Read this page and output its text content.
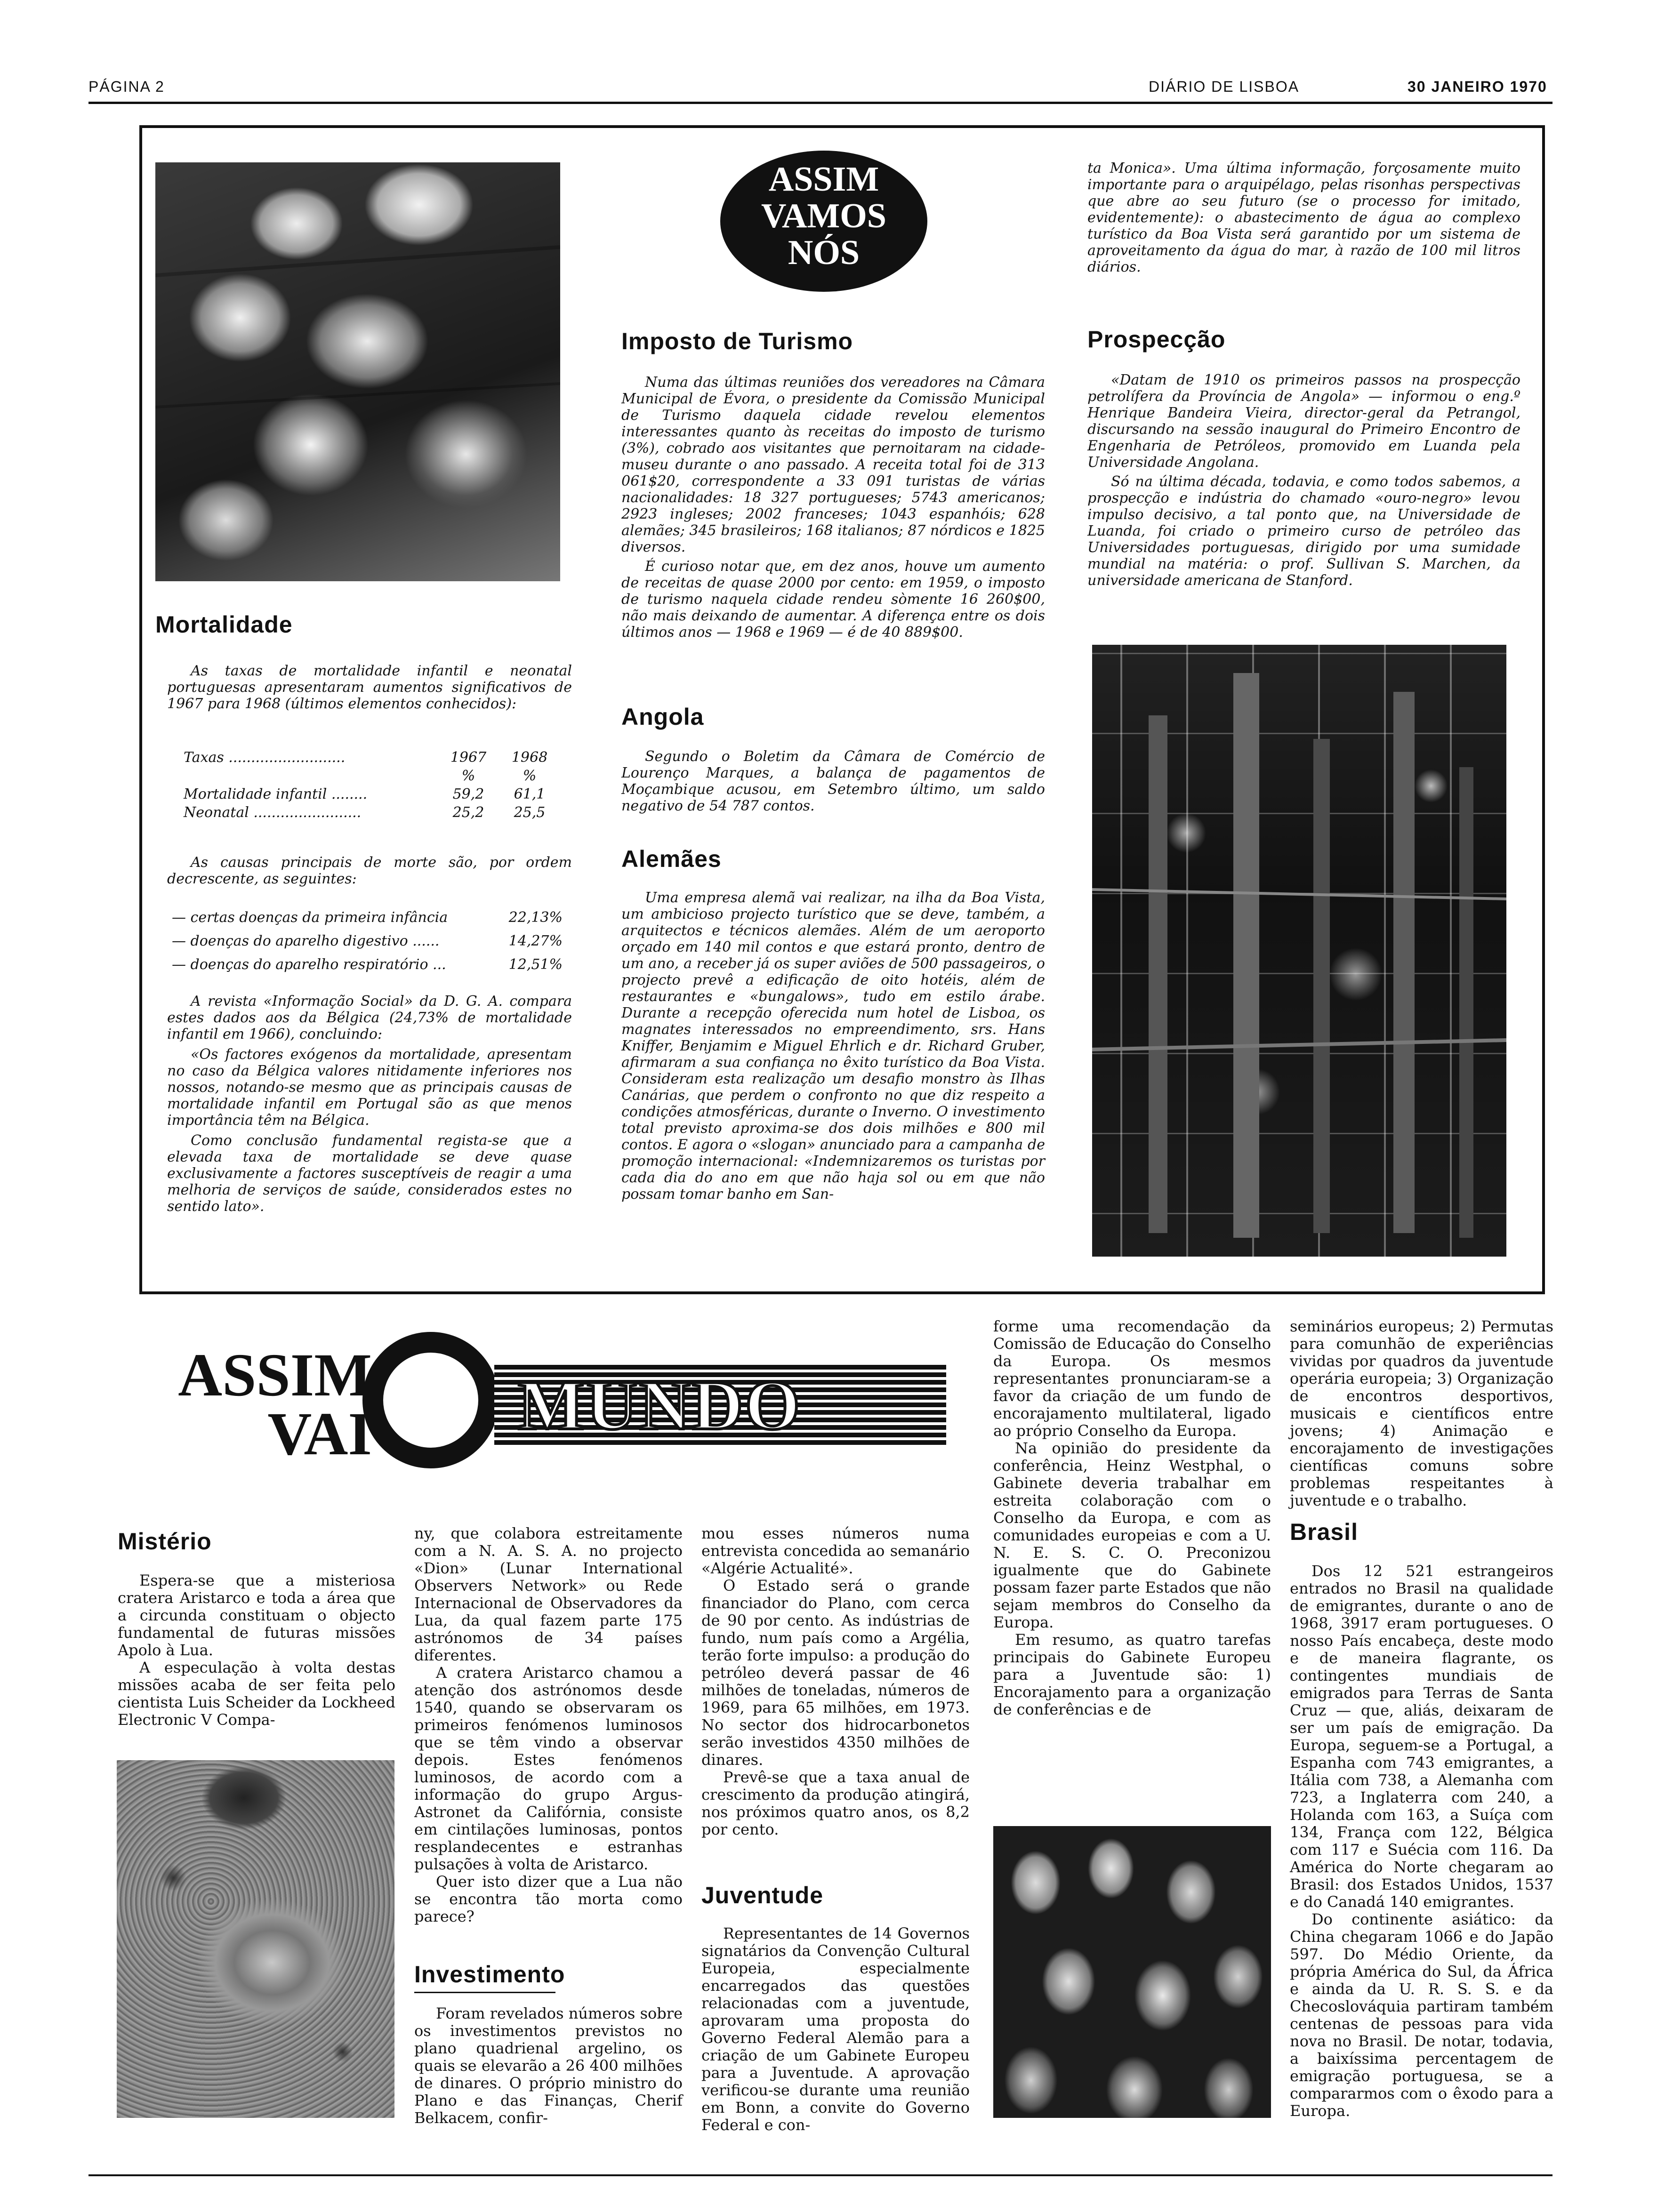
PÁGINA 2	DIÁRIO DE LISBOA	30 JANEIRO 1970
Mortalidade

As taxas de mortalidade infantil e neonatal portuguesas apresentaram aumentos significativos de 1967 para 1968 (últimos elementos conhecidos):

Taxas ..........................	1967	1968
	%	%
Mortalidade infantil ........	59,2	61,1
Neonatal ........................	25,2	25,5

As causas principais de morte são, por ordem decrescente, as seguintes:

— certas doenças da primeira infância	22,13%
— doenças do aparelho digestivo ......	14,27%
— doenças do aparelho respiratório ...	12,51%

A revista «Informação Social» da D. G. A. compara estes dados aos da Bélgica (24,73% de mortalidade infantil em 1966), concluindo:

«Os factores exógenos da mortalidade, apresentam no caso da Bélgica valores nitidamente inferiores nos nossos, notando-se mesmo que as principais causas de mortalidade infantil em Portugal são as que menos importância têm na Bélgica.

Como conclusão fundamental regista-se que a elevada taxa de mortalidade se deve quase exclusivamente a factores susceptíveis de reagir a uma melhoria de serviços de saúde, considerados estes no sentido lato».

ASSIM
VAMOS
NÓS
Imposto de Turismo

Numa das últimas reuniões dos vereadores na Câmara Municipal de Évora, o presidente da Comissão Municipal de Turismo daquela cidade revelou elementos interessantes quanto às receitas do imposto de turismo (3%), cobrado aos visitantes que pernoitaram na cidade-museu durante o ano passado. A receita total foi de 313 061$20, correspondente a 33 091 turistas de várias nacionalidades: 18 327 portugueses; 5743 americanos; 2923 ingleses; 2002 franceses; 1043 espanhóis; 628 alemães; 345 brasileiros; 168 italianos; 87 nórdicos e 1825 diversos.

É curioso notar que, em dez anos, houve um aumento de receitas de quase 2000 por cento: em 1959, o imposto de turismo naquela cidade rendeu sòmente 16 260$00, não mais deixando de aumentar. A diferença entre os dois últimos anos — 1968 e 1969 — é de 40 889$00.

Angola

Segundo o Boletim da Câmara de Comércio de Lourenço Marques, a balança de pagamentos de Moçambique acusou, em Setembro último, um saldo negativo de 54 787 contos.

Alemães

Uma empresa alemã vai realizar, na ilha da Boa Vista, um ambicioso projecto turístico que se deve, também, a arquitectos e técnicos alemães. Além de um aeroporto orçado em 140 mil contos e que estará pronto, dentro de um ano, a receber já os super aviões de 500 passageiros, o projecto prevê a edificação de oito hotéis, além de restaurantes e «bungalows», tudo em estilo árabe. Durante a recepção oferecida num hotel de Lisboa, os magnates interessados no empreendimento, srs. Hans Kniffer, Benjamim e Miguel Ehrlich e dr. Richard Gruber, afirmaram a sua confiança no êxito turístico da Boa Vista. Consideram esta realização um desafio monstro às Ilhas Canárias, que perdem o confronto no que diz respeito a condições atmosféricas, durante o Inverno. O investimento total previsto aproxima-se dos dois milhões e 800 mil contos. E agora o «slogan» anunciado para a campanha de promoção internacional: «Indemnizaremos os turistas por cada dia do ano em que não haja sol ou em que não possam tomar banho em San-

ta Monica». Uma última informação, forçosamente muito importante para o arquipélago, pelas risonhas perspectivas que abre ao seu futuro (se o processo for imitado, evidentemente): o abastecimento de água ao complexo turístico da Boa Vista será garantido por um sistema de aproveitamento da água do mar, à razão de 100 mil litros diários.

Prospecção

«Datam de 1910 os primeiros passos na prospecção petrolífera da Província de Angola» — informou o eng.º Henrique Bandeira Vieira, director-geral da Petrangol, discursando na sessão inaugural do Primeiro Encontro de Engenharia de Petróleos, promovido em Luanda pela Universidade Angolana.

Só na última década, todavia, e como todos sabemos, a prospecção e indústria do chamado «ouro-negro» levou impulso decisivo, a tal ponto que, na Universidade de Luanda, foi criado o primeiro curso de petróleo das Universidades portuguesas, dirigido por uma sumidade mundial na matéria: o prof. Sullivan S. Marchen, da universidade americana de Stanford.

ASSIM
VAI MUNDO
Mistério

Espera-se que a misteriosa cratera Aristarco e toda a área que a circunda constituam o objecto fundamental de futuras missões Apolo à Lua.

A especulação à volta destas missões acaba de ser feita pelo cientista Luis Scheider da Lockheed Electronic V Compa-

ny, que colabora estreitamente com a N. A. S. A. no projecto «Dion» (Lunar International Observers Network» ou Rede Internacional de Observadores da Lua, da qual fazem parte 175 astrónomos de 34 países diferentes.

A cratera Aristarco chamou a atenção dos astrónomos desde 1540, quando se observaram os primeiros fenómenos luminosos que se têm vindo a observar depois. Estes fenómenos luminosos, de acordo com a informação do grupo Argus-Astronet da Califórnia, consiste em cintilações luminosas, pontos resplandecentes e estranhas pulsações à volta de Aristarco.

Quer isto dizer que a Lua não se encontra tão morta como parece?

Investimento

Foram revelados números sobre os investimentos previstos no plano quadrienal argelino, os quais se elevarão a 26 400 milhões de dinares. O próprio ministro do Plano e das Finanças, Cherif Belkacem, confir-

mou esses números numa entrevista concedida ao semanário «Algérie Actualité».

O Estado será o grande financiador do Plano, com cerca de 90 por cento. As indústrias de fundo, num país como a Argélia, terão forte impulso: a produção do petróleo deverá passar de 46 milhões de toneladas, números de 1969, para 65 milhões, em 1973. No sector dos hidrocarbonetos serão investidos 4350 milhões de dinares.

Prevê-se que a taxa anual de crescimento da produção atingirá, nos próximos quatro anos, os 8,2 por cento.

Juventude

Representantes de 14 Governos signatários da Convenção Cultural Europeia, especialmente encarregados das questões relacionadas com a juventude, aprovaram uma proposta do Governo Federal Alemão para a criação de um Gabinete Europeu para a Juventude. A aprovação verificou-se durante uma reunião em Bonn, a convite do Governo Federal e con-

forme uma recomendação da Comissão de Educação do Conselho da Europa. Os mesmos representantes pronunciaram-se a favor da criação de um fundo de encorajamento multilateral, ligado ao próprio Conselho da Europa.

Na opinião do presidente da conferência, Heinz Westphal, o Gabinete deveria trabalhar em estreita colaboração com o Conselho da Europa, e com as comunidades europeias e com a U. N. E. S. C. O. Preconizou igualmente que do Gabinete possam fazer parte Estados que não sejam membros do Conselho da Europa.

Em resumo, as quatro tarefas principais do Gabinete Europeu para a Juventude são: 1) Encorajamento para a organização de conferências e de

seminários europeus; 2) Permutas para comunhão de experiências vividas por quadros da juventude operária europeia; 3) Organização de encontros desportivos, musicais e científicos entre jovens; 4) Animação e encorajamento de investigações científicas comuns sobre problemas respeitantes à juventude e o trabalho.

Brasil

Dos 12 521 estrangeiros entrados no Brasil na qualidade de emigrantes, durante o ano de 1968, 3917 eram portugueses. O nosso País encabeça, deste modo e de maneira flagrante, os contingentes mundiais de emigrados para Terras de Santa Cruz — que, aliás, deixaram de ser um país de emigração. Da Europa, seguem-se a Portugal, a Espanha com 743 emigrantes, a Itália com 738, a Alemanha com 723, a Inglaterra com 240, a Holanda com 163, a Suíça com 134, França com 122, Bélgica com 117 e Suécia com 116. Da América do Norte chegaram ao Brasil: dos Estados Unidos, 1537 e do Canadá 140 emigrantes.

Do continente asiático: da China chegaram 1066 e do Japão 597. Do Médio Oriente, da própria América do Sul, da África e ainda da U. R. S. S. e da Checoslováquia partiram também centenas de pessoas para vida nova no Brasil. De notar, todavia, a baixíssima percentagem de emigração portuguesa, se a compararmos com o êxodo para a Europa.
